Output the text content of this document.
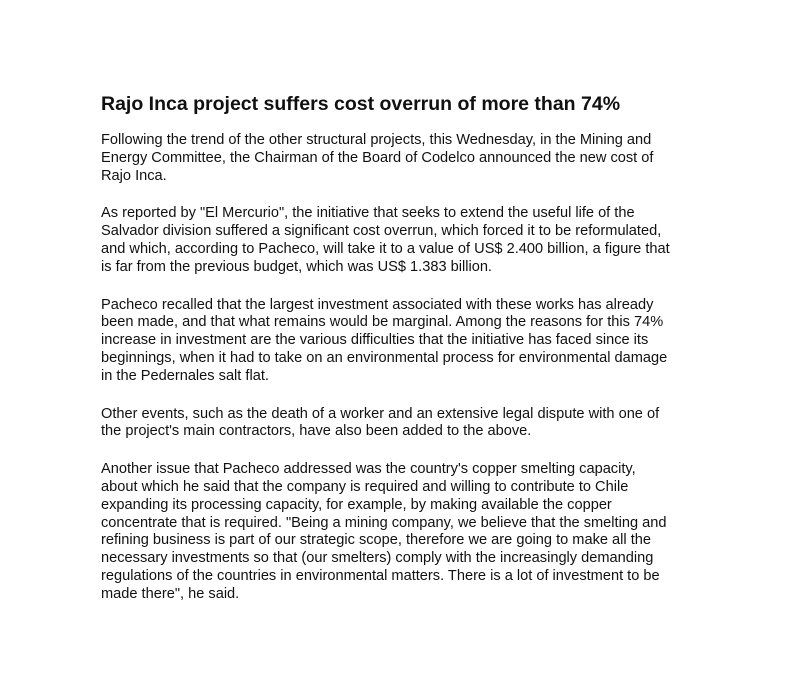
Rajo Inca project suffers cost overrun of more than 74%

Following the trend of the other structural projects, this Wednesday, in the Mining and
Energy Committee, the Chairman of the Board of Codelco announced the new cost of
Rajo Inca.

As reported by "El Mercurio", the initiative that seeks to extend the useful life of the
Salvador division suffered a significant cost overrun, which forced it to be reformulated,
and which, according to Pacheco, will take it to a value of US$ 2.400 billion, a figure that
is far from the previous budget, which was US$ 1.383 billion.

Pacheco recalled that the largest investment associated with these works has already
been made, and that what remains would be marginal. Among the reasons for this 74%
increase in investment are the various difficulties that the initiative has faced since its
beginnings, when it had to take on an environmental process for environmental damage
in the Pedernales salt flat.

Other events, such as the death of a worker and an extensive legal dispute with one of
the project's main contractors, have also been added to the above.

Another issue that Pacheco addressed was the country's copper smelting capacity,
about which he said that the company is required and willing to contribute to Chile
expanding its processing capacity, for example, by making available the copper
concentrate that is required. "Being a mining company, we believe that the smelting and
refining business is part of our strategic scope, therefore we are going to make all the
necessary investments so that (our smelters) comply with the increasingly demanding
regulations of the countries in environmental matters. There is a lot of investment to be
made there", he said.
